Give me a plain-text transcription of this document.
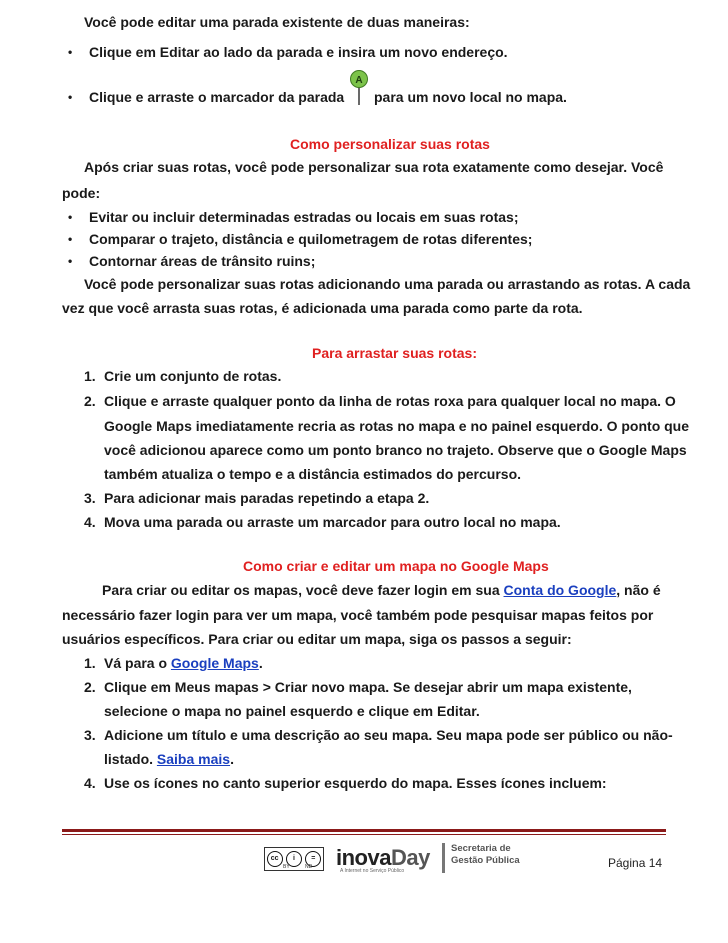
Você pode editar uma parada existente de duas maneiras:
• Clique em Editar ao lado da parada e insira um novo endereço.
• Clique e arraste o marcador da parada
A
para um novo local no mapa.
Como personalizar suas rotas
Após criar suas rotas, você pode personalizar sua rota exatamente como desejar. Você
pode:
• Evitar ou incluir determinadas estradas ou locais em suas rotas;
• Comparar o trajeto, distância e quilometragem de rotas diferentes;
• Contornar áreas de trânsito ruins;
Você pode personalizar suas rotas adicionando uma parada ou arrastando as rotas. A cada
vez que você arrasta suas rotas, é adicionada uma parada como parte da rota.
Para arrastar suas rotas:
1. Crie um conjunto de rotas.
2. Clique e arraste qualquer ponto da linha de rotas roxa para qualquer local no mapa. O
Google Maps imediatamente recria as rotas no mapa e no painel esquerdo. O ponto que
você adicionou aparece como um ponto branco no trajeto. Observe que o Google Maps
também atualiza o tempo e a distância estimados do percurso.
3. Para adicionar mais paradas repetindo a etapa 2.
4. Mova uma parada ou arraste um marcador para outro local no mapa.
Como criar e editar um mapa no Google Maps
Para criar ou editar os mapas, você deve fazer login em sua Conta do Google, não é
necessário fazer login para ver um mapa, você também pode pesquisar mapas feitos por
usuários específicos. Para criar ou editar um mapa, siga os passos a seguir:
1. Vá para o Google Maps.
2. Clique em Meus mapas > Criar novo mapa. Se desejar abrir um mapa existente,
selecione o mapa no painel esquerdo e clique em Editar.
3. Adicione um título e uma descrição ao seu mapa. Seu mapa pode ser público ou não-
listado. Saiba mais.
4. Use os ícones no canto superior esquerdo do mapa. Esses ícones incluem:
cc	i	=
BY	ND inovaDay
A Internet no Serviço Público
Secretaria de
Gestão Pública	Página 14
